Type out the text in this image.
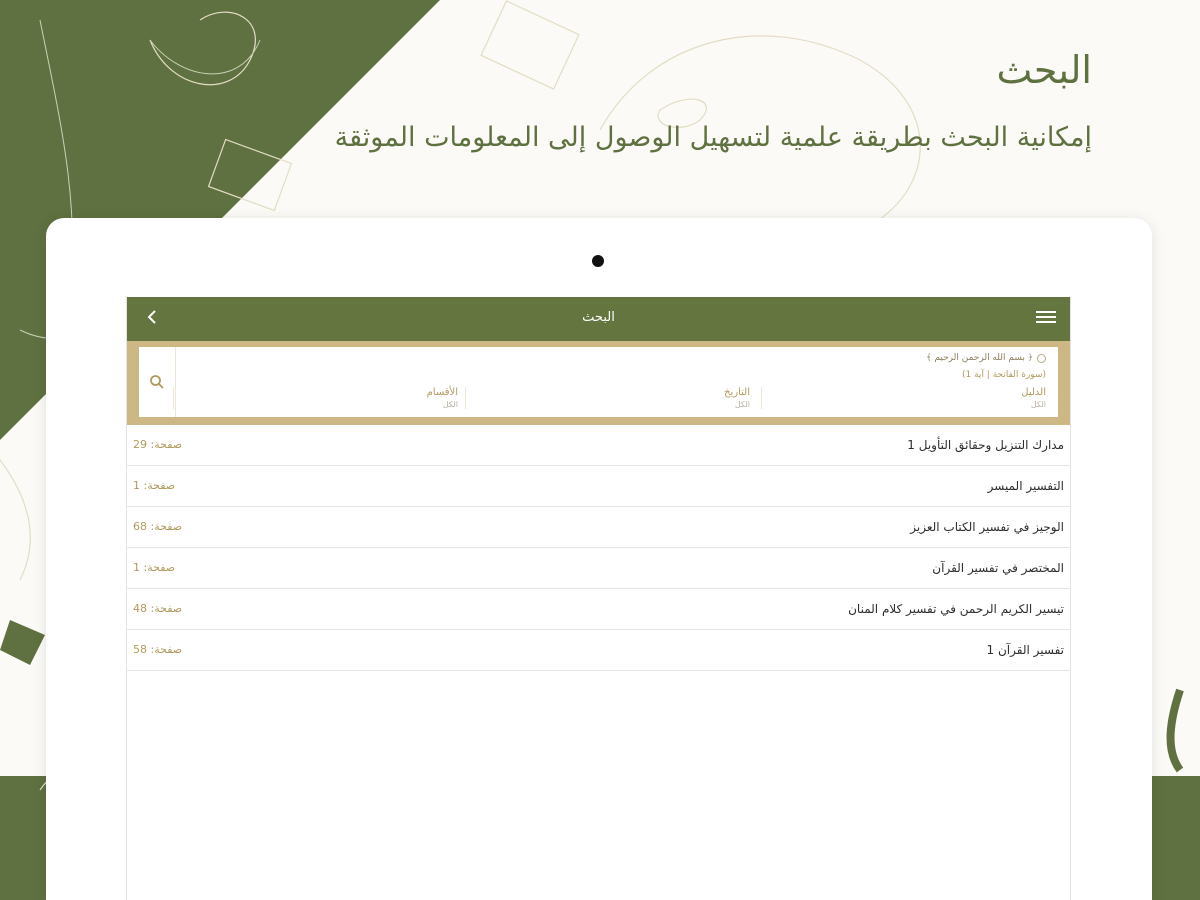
البحث
إمكانية البحث بطريقة علمية لتسهيل الوصول إلى المعلومات الموثقة
البحث
﴿ بسم الله الرحمن الرحيم ﴾
(سورة الفاتحة | آية 1)
الدليل
الكل
التاريخ
الكل
الأقسام
الكل
مدارك التنزيل وحقائق التأويل 1
صفحة: 29
التفسير الميسر
صفحة: 1
الوجيز في تفسير الكتاب العزيز
صفحة: 68
المختصر في تفسير القرآن
صفحة: 1
تيسير الكريم الرحمن في تفسير كلام المنان
صفحة: 48
تفسير القرآن 1
صفحة: 58
